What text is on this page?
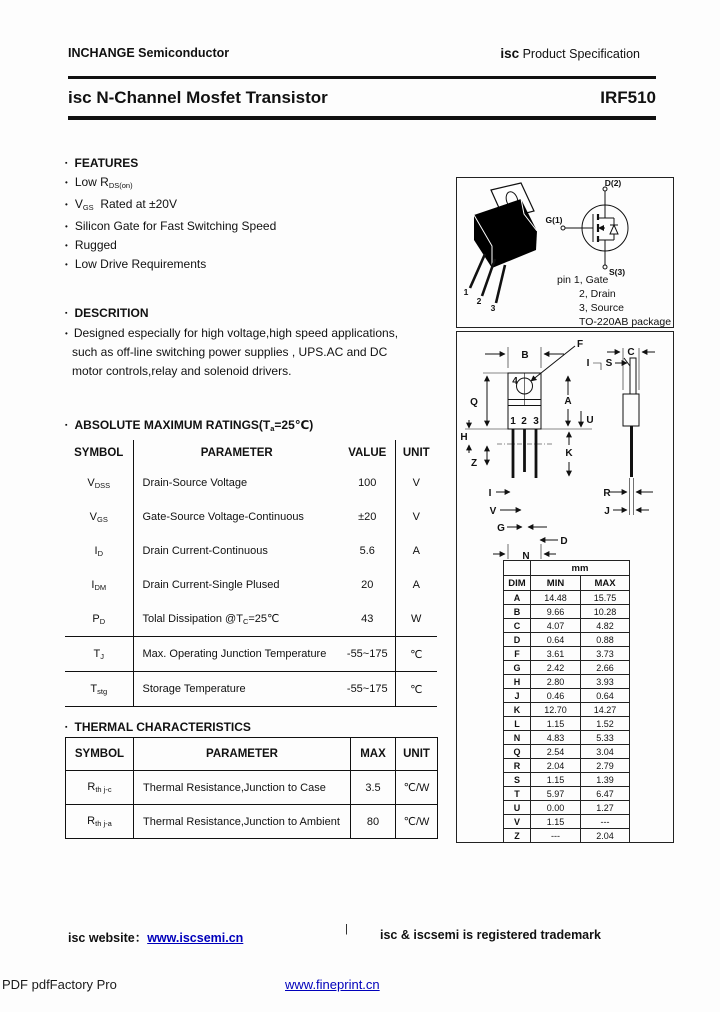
INCHANGE Semiconductor	isc Product Specification
isc N-Channel Mosfet Transistor	IRF510
▪ FEATURES
• Low $R_{DS(on)}$
• $V_{GS}$  Rated at ±20V
• Silicon Gate for Fast Switching Speed
• Rugged
• Low Drive Requirements
▪ DESCRITION
• Designed especially for high voltage,high speed applications,
such as off-line switching power supplies , UPS.AC and DC
motor controls,relay and solenoid drivers.
▪ ABSOLUTE MAXIMUM $RATINGS(T_a=25℃)$
SYMBOL	PARAMETER	VALUE	UNIT
$V_{DSS}$	Drain-Source Voltage	100	V
$V_{GS}$	Gate-Source Voltage-Continuous	±20	V
$I_D$	Drain Current-Continuous	5.6	A
$I_{DM}$	Drain Current-Single Plused	20	A
$P_D$	Tolal Dissipation $@T_C=25℃$	43	W
$T_J$	Max. Operating Junction Temperature	-55~175	℃
$T_{stg}$	Storage Temperature	-55~175	℃
▪ THERMAL CHARACTERISTICS
SYMBOL	PARAMETER	MAX	UNIT
$R_{th j-c}$	Thermal Resistance,Junction to Case	3.5	℃/W
$R_{th j-a}$	Thermal Resistance,Junction to Ambient	80	℃/W
1
2
3
D(2)
G(1)
S(3)
pin 1, Gate
2, Drain
3, Source
TO-220AB package
B
F
C
I S
Q	A
U
H
K
Z
I
V
G
D
N
R
J
4
1 2 3
	mm	
DIM	MIN	MAX
A	14.48	15.75
B	9.66	10.28
C	4.07	4.82
D	0.64	0.88
F	3.61	3.73
G	2.42	2.66
H	2.80	3.93
J	0.46	0.64
K	12.70	14.27
L	1.15	1.52
N	4.83	5.33
Q	2.54	3.04
R	2.04	2.79
S	1.15	1.39
T	5.97	6.47
U	0.00	1.27
V	1.15	---
Z	---	2.04
isc website：www.iscsemi.cn
|	isc & iscsemi is registered trademark
PDF pdfFactory Pro	www.fineprint.cn
